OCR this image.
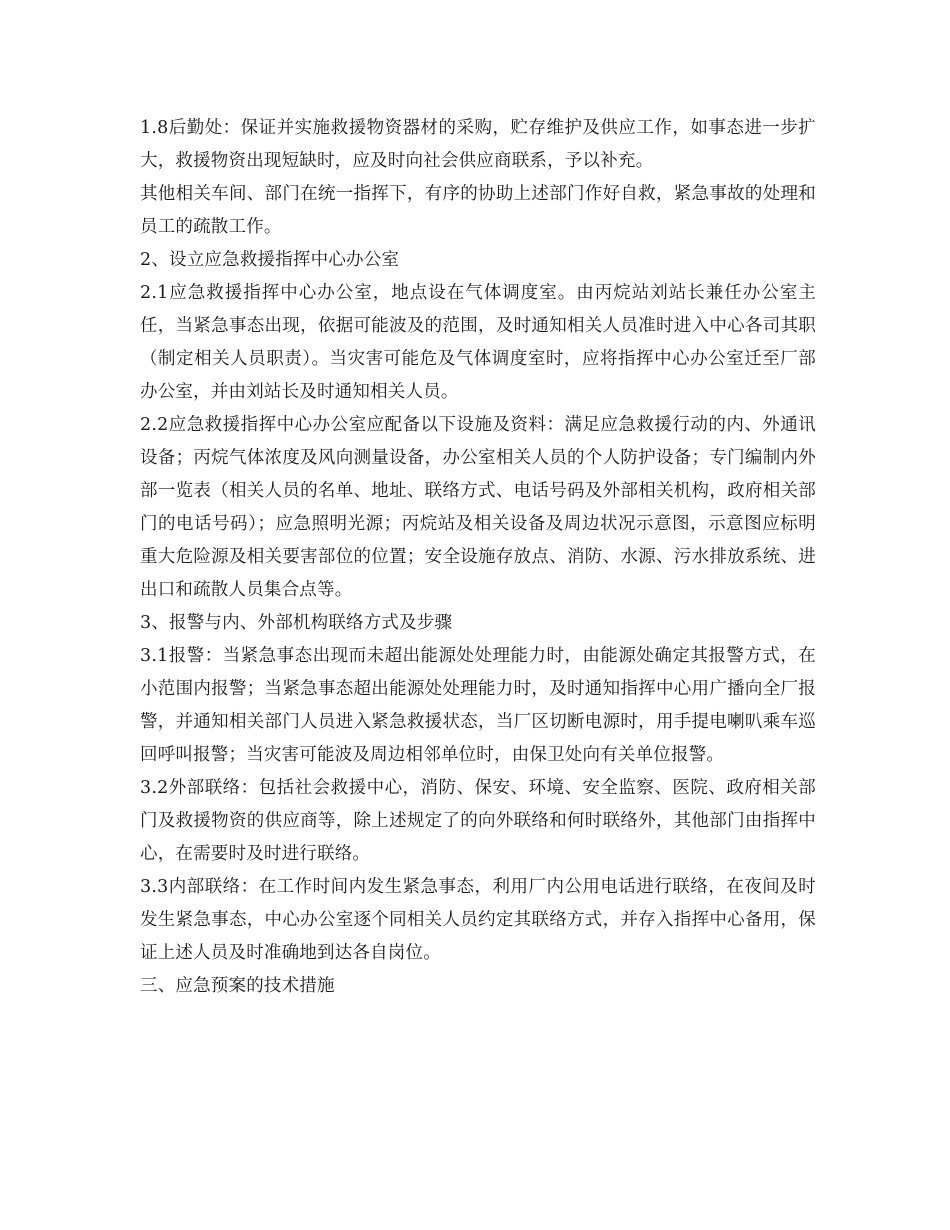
1.8后勤处：保证并实施救援物资器材的采购，贮存维护及供应工作，如事态进一步扩大，救援物资出现短缺时，应及时向社会供应商联系，予以补充。

其他相关车间、部门在统一指挥下，有序的协助上述部门作好自救，紧急事故的处理和员工的疏散工作。

2、设立应急救援指挥中心办公室

2.1应急救援指挥中心办公室，地点设在气体调度室。由丙烷站刘站长兼任办公室主任，当紧急事态出现，依据可能波及的范围，及时通知相关人员准时进入中心各司其职（制定相关人员职责）。当灾害可能危及气体调度室时，应将指挥中心办公室迁至厂部办公室，并由刘站长及时通知相关人员。

2.2应急救援指挥中心办公室应配备以下设施及资料：满足应急救援行动的内、外通讯设备；丙烷气体浓度及风向测量设备，办公室相关人员的个人防护设备；专门编制内外部一览表（相关人员的名单、地址、联络方式、电话号码及外部相关机构，政府相关部门的电话号码）；应急照明光源；丙烷站及相关设备及周边状况示意图，示意图应标明重大危险源及相关要害部位的位置；安全设施存放点、消防、水源、污水排放系统、进出口和疏散人员集合点等。

3、报警与内、外部机构联络方式及步骤

3.1报警：当紧急事态出现而未超出能源处处理能力时，由能源处确定其报警方式，在小范围内报警；当紧急事态超出能源处处理能力时，及时通知指挥中心用广播向全厂报警，并通知相关部门人员进入紧急救援状态，当厂区切断电源时，用手提电喇叭乘车巡回呼叫报警；当灾害可能波及周边相邻单位时，由保卫处向有关单位报警。

3.2外部联络：包括社会救援中心，消防、保安、环境、安全监察、医院、政府相关部门及救援物资的供应商等，除上述规定了的向外联络和何时联络外，其他部门由指挥中心，在需要时及时进行联络。

3.3内部联络：在工作时间内发生紧急事态，利用厂内公用电话进行联络，在夜间及时发生紧急事态，中心办公室逐个同相关人员约定其联络方式，并存入指挥中心备用，保证上述人员及时准确地到达各自岗位。

三、应急预案的技术措施
